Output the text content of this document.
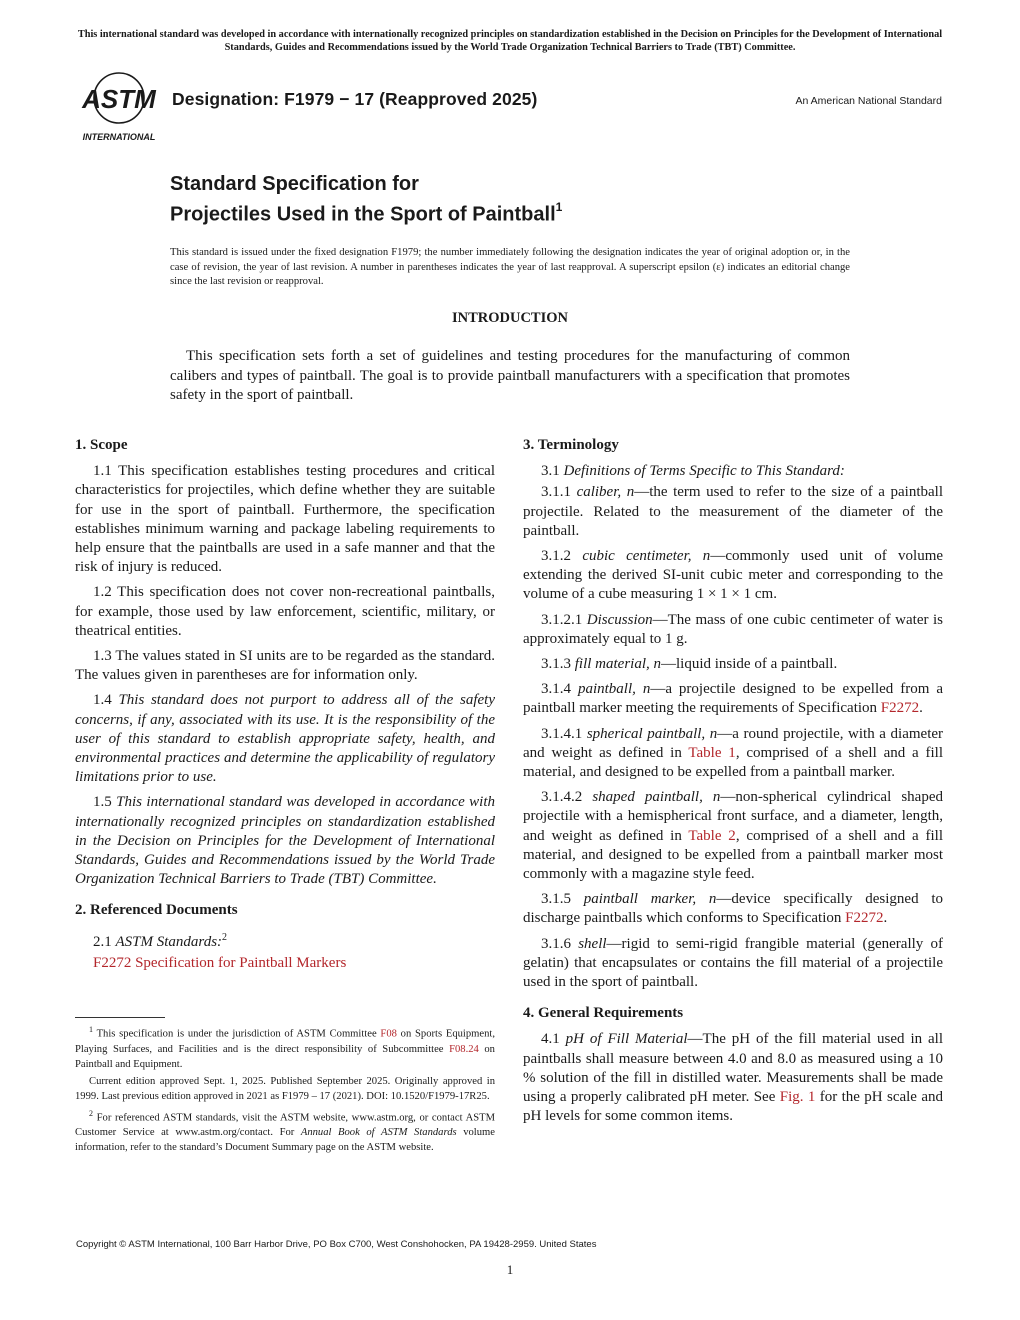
This international standard was developed in accordance with internationally recognized principles on standardization established in the Decision on Principles for the Development of International Standards, Guides and Recommendations issued by the World Trade Organization Technical Barriers to Trade (TBT) Committee.
ASTM
INTERNATIONAL
Designation: F1979 − 17 (Reapproved 2025)	An American National Standard
Standard Specification for
Projectiles Used in the Sport of Paintball$^1$
This standard is issued under the fixed designation F1979; the number immediately following the designation indicates the year of original adoption or, in the case of revision, the year of last revision. A number in parentheses indicates the year of last reapproval. A superscript epsilon (ε) indicates an editorial change since the last revision or reapproval.
INTRODUCTION
This specification sets forth a set of guidelines and testing procedures for the manufacturing of common calibers and types of paintball. The goal is to provide paintball manufacturers with a specification that promotes safety in the sport of paintball.
1. Scope

1.1 This specification establishes testing procedures and critical characteristics for projectiles, which define whether they are suitable for use in the sport of paintball. Furthermore, the specification establishes minimum warning and package labeling requirements to help ensure that the paintballs are used in a safe manner and that the risk of injury is reduced.

1.2 This specification does not cover non-recreational paintballs, for example, those used by law enforcement, scientific, military, or theatrical entities.

1.3 The values stated in SI units are to be regarded as the standard. The values given in parentheses are for information only.

1.4 This standard does not purport to address all of the safety concerns, if any, associated with its use. It is the responsibility of the user of this standard to establish appropriate safety, health, and environmental practices and determine the applicability of regulatory limitations prior to use.

1.5 This international standard was developed in accordance with internationally recognized principles on standardization established in the Decision on Principles for the Development of International Standards, Guides and Recommendations issued by the World Trade Organization Technical Barriers to Trade (TBT) Committee.

2. Referenced Documents

2.1 ASTM Standards:$^2$

F2272 Specification for Paintball Markers

$^1$ This specification is under the jurisdiction of ASTM Committee F08 on Sports Equipment, Playing Surfaces, and Facilities and is the direct responsibility of Subcommittee F08.24 on Paintball and Equipment.

Current edition approved Sept. 1, 2025. Published September 2025. Originally approved in 1999. Last previous edition approved in 2021 as F1979 – 17 (2021). DOI: 10.1520/F1979-17R25.

$^2$ For referenced ASTM standards, visit the ASTM website, www.astm.org, or contact ASTM Customer Service at www.astm.org/contact. For Annual Book of ASTM Standards volume information, refer to the standard’s Document Summary page on the ASTM website.

3. Terminology

3.1 Definitions of Terms Specific to This Standard:

3.1.1 caliber, n—the term used to refer to the size of a paintball projectile. Related to the measurement of the diameter of the paintball.

3.1.2 cubic centimeter, n—commonly used unit of volume extending the derived SI-unit cubic meter and corresponding to the volume of a cube measuring 1 × 1 × 1 cm.

3.1.2.1 Discussion—The mass of one cubic centimeter of water is approximately equal to 1 g.

3.1.3 fill material, n—liquid inside of a paintball.

3.1.4 paintball, n—a projectile designed to be expelled from a paintball marker meeting the requirements of Specification F2272.

3.1.4.1 spherical paintball, n—a round projectile, with a diameter and weight as defined in Table 1, comprised of a shell and a fill material, and designed to be expelled from a paintball marker.

3.1.4.2 shaped paintball, n—non-spherical cylindrical shaped projectile with a hemispherical front surface, and a diameter, length, and weight as defined in Table 2, comprised of a shell and a fill material, and designed to be expelled from a paintball marker most commonly with a magazine style feed.

3.1.5 paintball marker, n—device specifically designed to discharge paintballs which conforms to Specification F2272.

3.1.6 shell—rigid to semi-rigid frangible material (generally of gelatin) that encapsulates or contains the fill material of a projectile used in the sport of paintball.

4. General Requirements

4.1 pH of Fill Material—The pH of the fill material used in all paintballs shall measure between 4.0 and 8.0 as measured using a 10 % solution of the fill in distilled water. Measurements shall be made using a properly calibrated pH meter. See Fig. 1 for the pH scale and pH levels for some common items.

Copyright © ASTM International, 100 Barr Harbor Drive, PO Box C700, West Conshohocken, PA 19428-2959. United States
1
